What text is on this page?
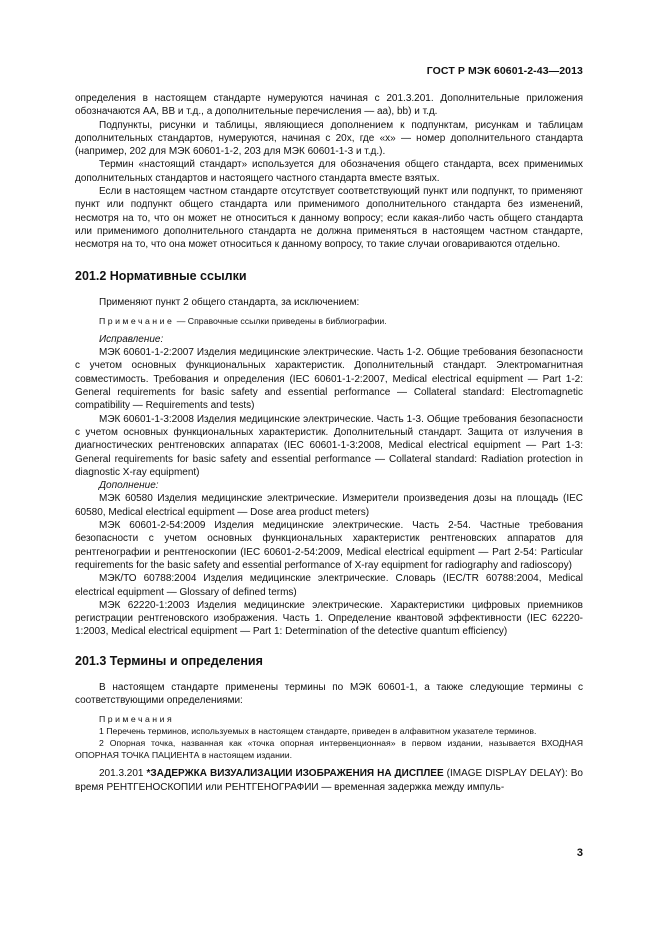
ГОСТ Р МЭК 60601-2-43—2013

определения в настоящем стандарте нумеруются начиная с 201.3.201. Дополнительные приложения обозначаются АА, ВВ и т.д., а дополнительные перечисления — аа), bb) и т.д.

Подпункты, рисунки и таблицы, являющиеся дополнением к подпунктам, рисункам и таблицам дополнительных стандартов, нумеруются, начиная с 20х, где «х» — номер дополнительного стандарта (например, 202 для МЭК 60601-1-2, 203 для МЭК 60601-1-3 и т.д.).

Термин «настоящий стандарт» используется для обозначения общего стандарта, всех применимых дополнительных стандартов и настоящего частного стандарта вместе взятых.

Если в настоящем частном стандарте отсутствует соответствующий пункт или подпункт, то применяют пункт или подпункт общего стандарта или применимого дополнительного стандарта без изменений, несмотря на то, что он может не относиться к данному вопросу; если какая-либо часть общего стандарта или применимого дополнительного стандарта не должна применяться в настоящем частном стандарте, несмотря на то, что она может относиться к данному вопросу, то такие случаи оговариваются отдельно.

201.2 Нормативные ссылки

Применяют пункт 2 общего стандарта, за исключением:

Примечание — Справочные ссылки приведены в библиографии.

Исправление:

МЭК 60601-1-2:2007 Изделия медицинские электрические. Часть 1-2. Общие требования безопасности с учетом основных функциональных характеристик. Дополнительный стандарт. Электромагнитная совместимость. Требования и определения (IEC 60601-1-2:2007, Medical electrical equipment — Part 1-2: General requirements for basic safety and essential performance — Collateral standard: Electromagnetic compatibility — Requirements and tests)

МЭК 60601-1-3:2008 Изделия медицинские электрические. Часть 1-3. Общие требования безопасности с учетом основных функциональных характеристик. Дополнительный стандарт. Защита от излучения в диагностических рентгеновских аппаратах (IEC 60601-1-3:2008, Medical electrical equipment — Part 1-3: General requirements for basic safety and essential performance — Collateral standard: Radiation protection in diagnostic X-ray equipment)

Дополнение:

МЭК 60580 Изделия медицинские электрические. Измерители произведения дозы на площадь (IEC 60580, Medical electrical equipment — Dose area product meters)

МЭК 60601-2-54:2009 Изделия медицинские электрические. Часть 2-54. Частные требования безопасности с учетом основных функциональных характеристик рентгеновских аппаратов для рентгенографии и рентгеноскопии (IEC 60601-2-54:2009, Medical electrical equipment — Part 2-54: Particular requirements for the basic safety and essential performance of X-ray equipment for radiography and radioscopy)

МЭК/ТО 60788:2004 Изделия медицинские электрические. Словарь (IEC/TR 60788:2004, Medical electrical equipment — Glossary of defined terms)

МЭК 62220-1:2003 Изделия медицинские электрические. Характеристики цифровых приемников регистрации рентгеновского изображения. Часть 1. Определение квантовой эффективности (IEC 62220-1:2003, Medical electrical equipment — Part 1: Determination of the detective quantum efficiency)

201.3 Термины и определения

В настоящем стандарте применены термины по МЭК 60601-1, а также следующие термины с соответствующими определениями:

Примечания

1 Перечень терминов, используемых в настоящем стандарте, приведен в алфавитном указателе терминов.

2 Опорная точка, названная как «точка опорная интервенционная» в первом издании, называется ВХОДНАЯ ОПОРНАЯ ТОЧКА ПАЦИЕНТА в настоящем издании.

201.3.201 *ЗАДЕРЖКА ВИЗУАЛИЗАЦИИ ИЗОБРАЖЕНИЯ НА ДИСПЛЕЕ (IMAGE DISPLAY DELAY): Во время РЕНТГЕНОСКОПИИ или РЕНТГЕНОГРАФИИ — временная задержка между импуль-

3
